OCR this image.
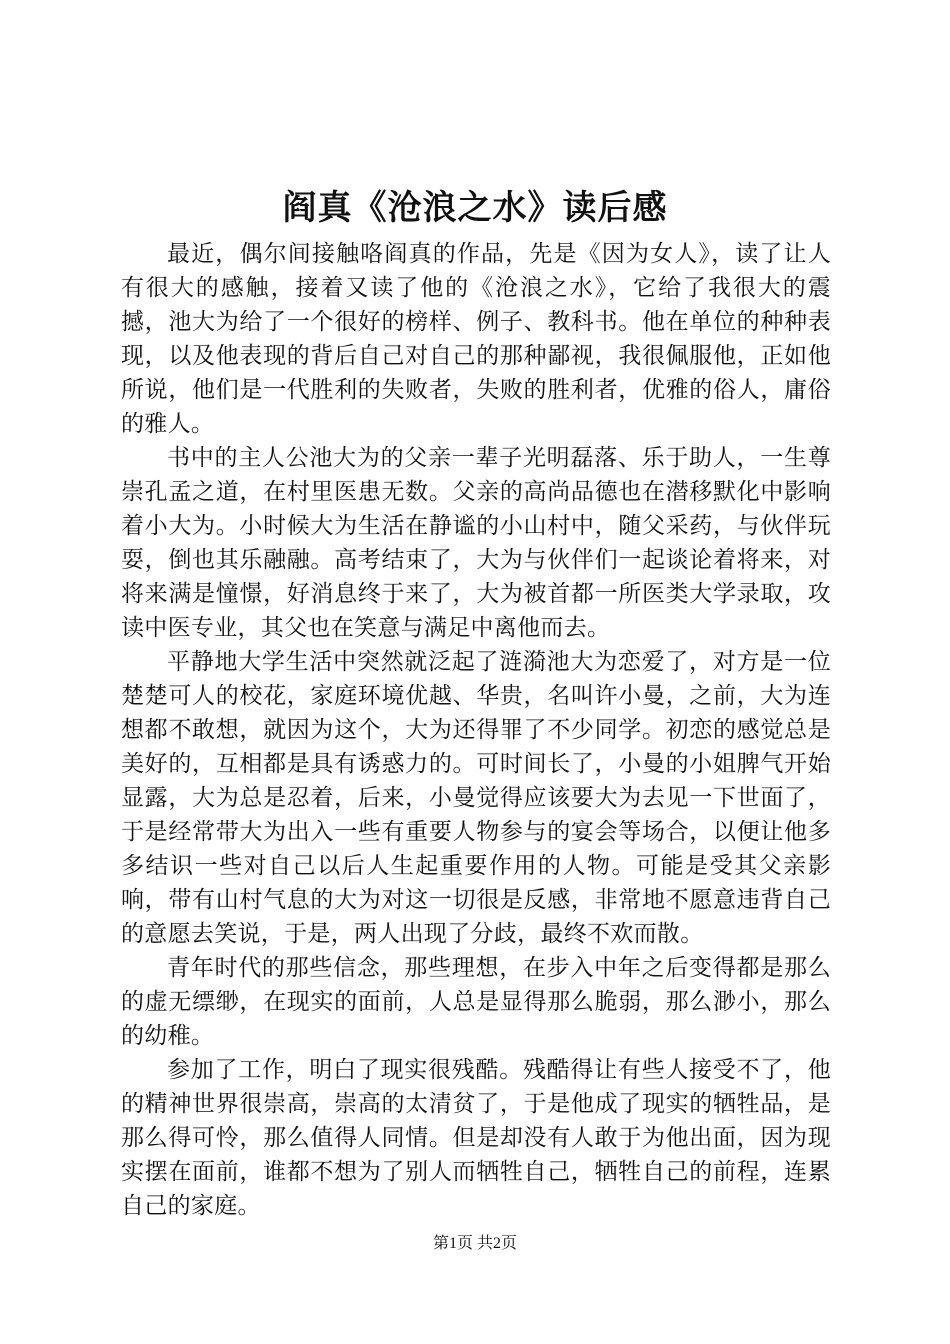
阎真《沧浪之水》读后感

最近，偶尔间接触咯阎真的作品，先是《因为女人》，读了让人有很大的感触，接着又读了他的《沧浪之水》，它给了我很大的震撼，池大为给了一个很好的榜样、例子、教科书。他在单位的种种表现，以及他表现的背后自己对自己的那种鄙视，我很佩服他，正如他所说，他们是一代胜利的失败者，失败的胜利者，优雅的俗人，庸俗的雅人。

书中的主人公池大为的父亲一辈子光明磊落、乐于助人，一生尊崇孔孟之道，在村里医患无数。父亲的高尚品德也在潜移默化中影响着小大为。小时候大为生活在静谧的小山村中，随父采药，与伙伴玩耍，倒也其乐融融。高考结束了，大为与伙伴们一起谈论着将来，对将来满是憧憬，好消息终于来了，大为被首都一所医类大学录取，攻读中医专业，其父也在笑意与满足中离他而去。

平静地大学生活中突然就泛起了涟漪池大为恋爱了，对方是一位楚楚可人的校花，家庭环境优越、华贵，名叫许小曼，之前，大为连想都不敢想，就因为这个，大为还得罪了不少同学。初恋的感觉总是美好的，互相都是具有诱惑力的。可时间长了，小曼的小姐脾气开始显露，大为总是忍着，后来，小曼觉得应该要大为去见一下世面了，于是经常带大为出入一些有重要人物参与的宴会等场合，以便让他多多结识一些对自己以后人生起重要作用的人物。可能是受其父亲影响，带有山村气息的大为对这一切很是反感，非常地不愿意违背自己的意愿去笑说，于是，两人出现了分歧，最终不欢而散。

青年时代的那些信念，那些理想，在步入中年之后变得都是那么的虚无缥缈，在现实的面前，人总是显得那么脆弱，那么渺小，那么的幼稚。

参加了工作，明白了现实很残酷。残酷得让有些人接受不了，他的精神世界很崇高，崇高的太清贫了，于是他成了现实的牺牲品，是那么得可怜，那么值得人同情。但是却没有人敢于为他出面，因为现实摆在面前，谁都不想为了别人而牺牲自己，牺牲自己的前程，连累自己的家庭。

第1页 共2页
